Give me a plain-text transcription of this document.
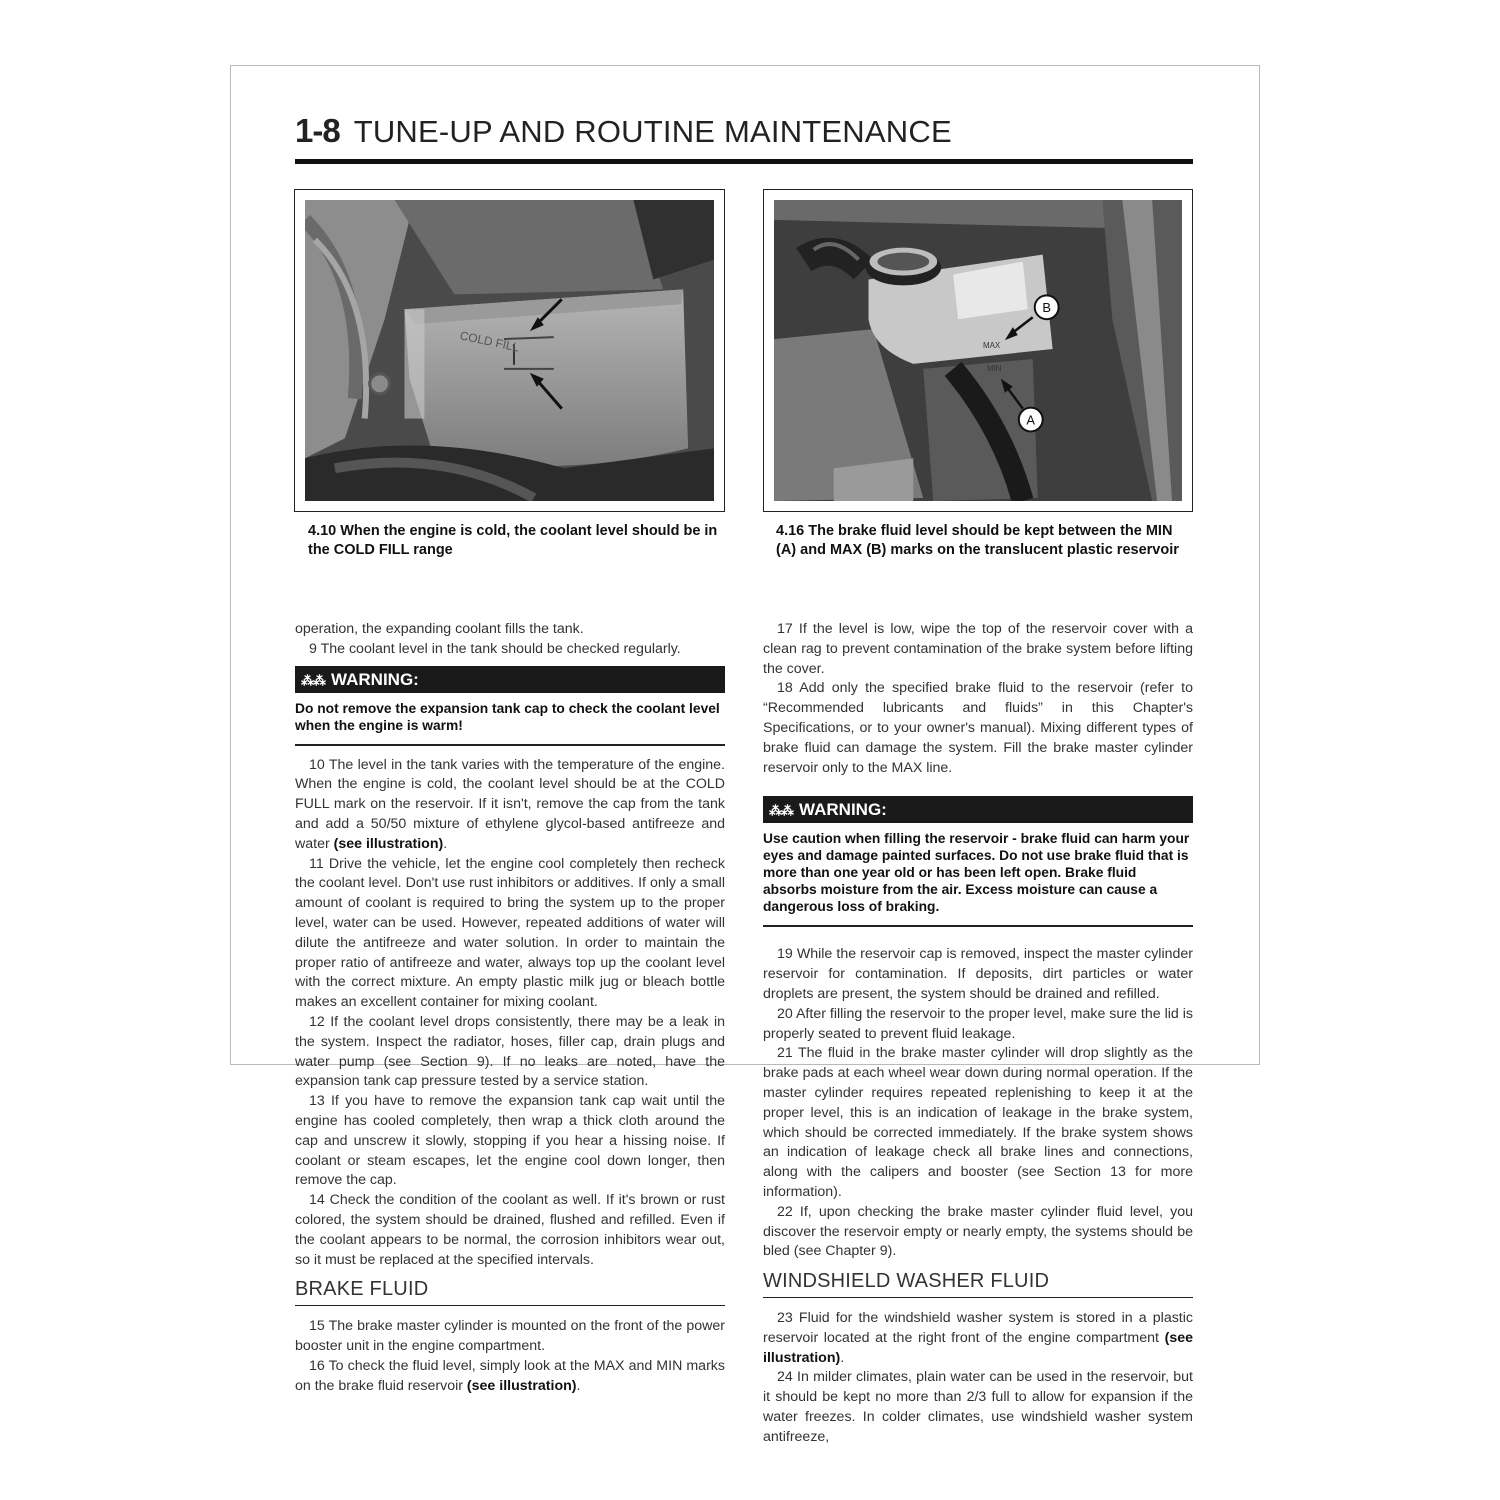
1-8 TUNE-UP AND ROUTINE MAINTENANCE
COLD FILL
4.10 When the engine is cold, the coolant level should be in the COLD FILL range
MAX
MIN
B
A
4.16 The brake fluid level should be kept between the MIN (A) and MAX (B) marks on the translucent plastic reservoir

operation, the expanding coolant fills the tank.

9 The coolant level in the tank should be checked regularly.

⁂⁂ WARNING:
Do not remove the expansion tank cap to check the coolant level when the engine is warm!

10 The level in the tank varies with the temperature of the engine. When the engine is cold, the coolant level should be at the COLD FULL mark on the reservoir. If it isn't, remove the cap from the tank and add a 50/50 mixture of ethylene glycol-based antifreeze and water (see illustration).

11 Drive the vehicle, let the engine cool completely then recheck the coolant level. Don't use rust inhibitors or additives. If only a small amount of coolant is required to bring the system up to the proper level, water can be used. However, repeated additions of water will dilute the antifreeze and water solution. In order to maintain the proper ratio of antifreeze and water, always top up the coolant level with the correct mixture. An empty plastic milk jug or bleach bottle makes an excellent container for mixing coolant.

12 If the coolant level drops consistently, there may be a leak in the system. Inspect the radiator, hoses, filler cap, drain plugs and water pump (see Section 9). If no leaks are noted, have the expansion tank cap pressure tested by a service station.

13 If you have to remove the expansion tank cap wait until the engine has cooled completely, then wrap a thick cloth around the cap and unscrew it slowly, stopping if you hear a hissing noise. If coolant or steam escapes, let the engine cool down longer, then remove the cap.

14 Check the condition of the coolant as well. If it's brown or rust colored, the system should be drained, flushed and refilled. Even if the coolant appears to be normal, the corrosion inhibitors wear out, so it must be replaced at the specified intervals.

BRAKE FLUID

15 The brake master cylinder is mounted on the front of the power booster unit in the engine compartment.

16 To check the fluid level, simply look at the MAX and MIN marks on the brake fluid reservoir (see illustration).

17 If the level is low, wipe the top of the reservoir cover with a clean rag to prevent contamination of the brake system before lifting the cover.

18 Add only the specified brake fluid to the reservoir (refer to “Recommended lubricants and fluids” in this Chapter's Specifications, or to your owner's manual). Mixing different types of brake fluid can damage the system. Fill the brake master cylinder reservoir only to the MAX line.

⁂⁂ WARNING:
Use caution when filling the reservoir - brake fluid can harm your eyes and damage painted surfaces. Do not use brake fluid that is more than one year old or has been left open. Brake fluid absorbs moisture from the air. Excess moisture can cause a dangerous loss of braking.

19 While the reservoir cap is removed, inspect the master cylinder reservoir for contamination. If deposits, dirt particles or water droplets are present, the system should be drained and refilled.

20 After filling the reservoir to the proper level, make sure the lid is properly seated to prevent fluid leakage.

21 The fluid in the brake master cylinder will drop slightly as the brake pads at each wheel wear down during normal operation. If the master cylinder requires repeated replenishing to keep it at the proper level, this is an indication of leakage in the brake system, which should be corrected immediately. If the brake system shows an indication of leakage check all brake lines and connections, along with the calipers and booster (see Section 13 for more information).

22 If, upon checking the brake master cylinder fluid level, you discover the reservoir empty or nearly empty, the systems should be bled (see Chapter 9).

WINDSHIELD WASHER FLUID

23 Fluid for the windshield washer system is stored in a plastic reservoir located at the right front of the engine compartment (see illustration).

24 In milder climates, plain water can be used in the reservoir, but it should be kept no more than 2/3 full to allow for expansion if the water freezes. In colder climates, use windshield washer system antifreeze,
